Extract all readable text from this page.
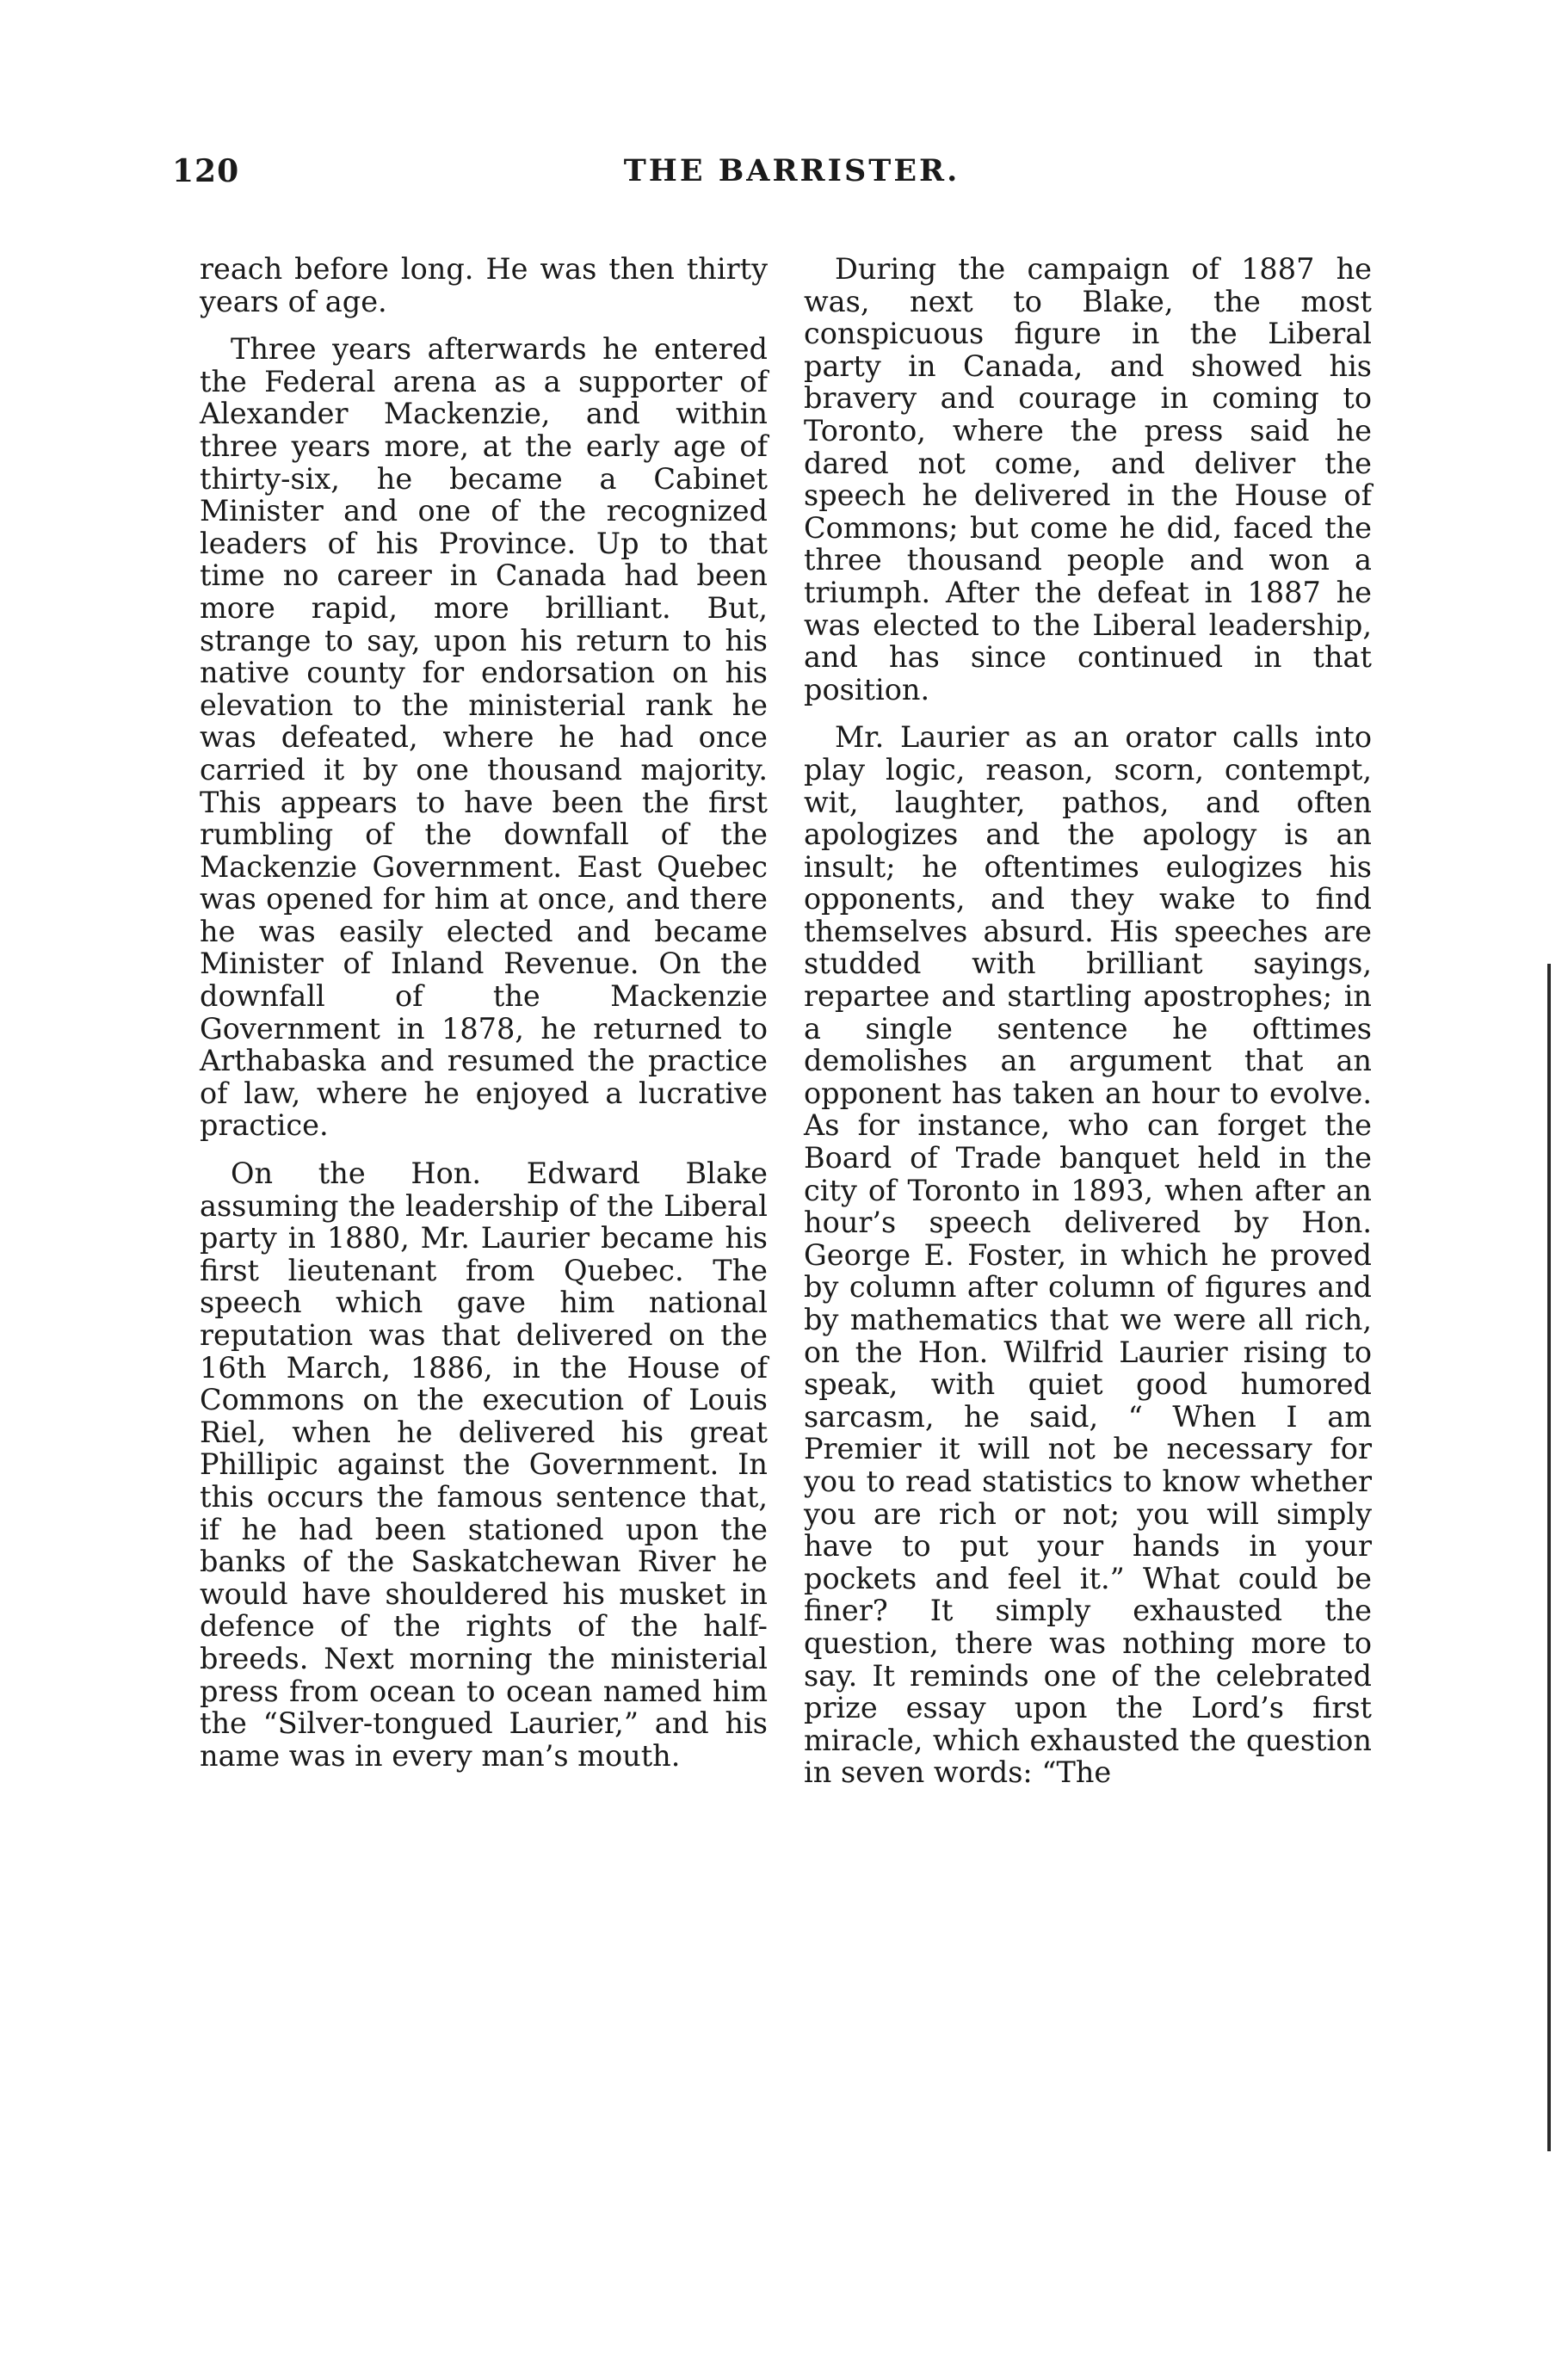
120	THE BARRISTER.

reach before long. He was then thirty years of age.

Three years afterwards he entered the Federal arena as a supporter of Alexander Mackenzie, and within three years more, at the early age of thirty-six, he became a Cabinet Minister and one of the recognized leaders of his Province. Up to that time no career in Canada had been more rapid, more brilliant. But, strange to say, upon his return to his native county for endorsation on his elevation to the ministerial rank he was defeated, where he had once carried it by one thousand majority. This appears to have been the first rumbling of the downfall of the Mackenzie Government. East Quebec was opened for him at once, and there he was easily elected and became Minister of Inland Revenue. On the downfall of the Mackenzie Government in 1878, he returned to Arthabaska and resumed the practice of law, where he enjoyed a lucrative practice.

On the Hon. Edward Blake assuming the leadership of the Liberal party in 1880, Mr. Laurier became his first lieutenant from Quebec. The speech which gave him national reputation was that delivered on the 16th March, 1886, in the House of Commons on the execution of Louis Riel, when he delivered his great Phillipic against the Government. In this occurs the famous sentence that, if he had been stationed upon the banks of the Saskatchewan River he would have shouldered his musket in defence of the rights of the half-breeds. Next morning the ministerial press from ocean to ocean named him the “Silver-tongued Laurier,” and his name was in every man’s mouth.

During the campaign of 1887 he was, next to Blake, the most conspicuous figure in the Liberal party in Canada, and showed his bravery and courage in coming to Toronto, where the press said he dared not come, and deliver the speech he delivered in the House of Commons; but come he did, faced the three thousand people and won a triumph. After the defeat in 1887 he was elected to the Liberal leadership, and has since continued in that position.

Mr. Laurier as an orator calls into play logic, reason, scorn, contempt, wit, laughter, pathos, and often apologizes and the apology is an insult; he oftentimes eulogizes his opponents, and they wake to find themselves absurd. His speeches are studded with brilliant sayings, repartee and startling apostrophes; in a single sentence he ofttimes demolishes an argument that an opponent has taken an hour to evolve. As for instance, who can forget the Board of Trade banquet held in the city of Toronto in 1893, when after an hour’s speech delivered by Hon. George E. Foster, in which he proved by column after column of figures and by mathematics that we were all rich, on the Hon. Wilfrid Laurier rising to speak, with quiet good humored sarcasm, he said, “ When I am Premier it will not be necessary for you to read statistics to know whether you are rich or not; you will simply have to put your hands in your pockets and feel it.” What could be finer? It simply exhausted the question, there was nothing more to say. It reminds one of the celebrated prize essay upon the Lord’s first miracle, which exhausted the question in seven words: “The
